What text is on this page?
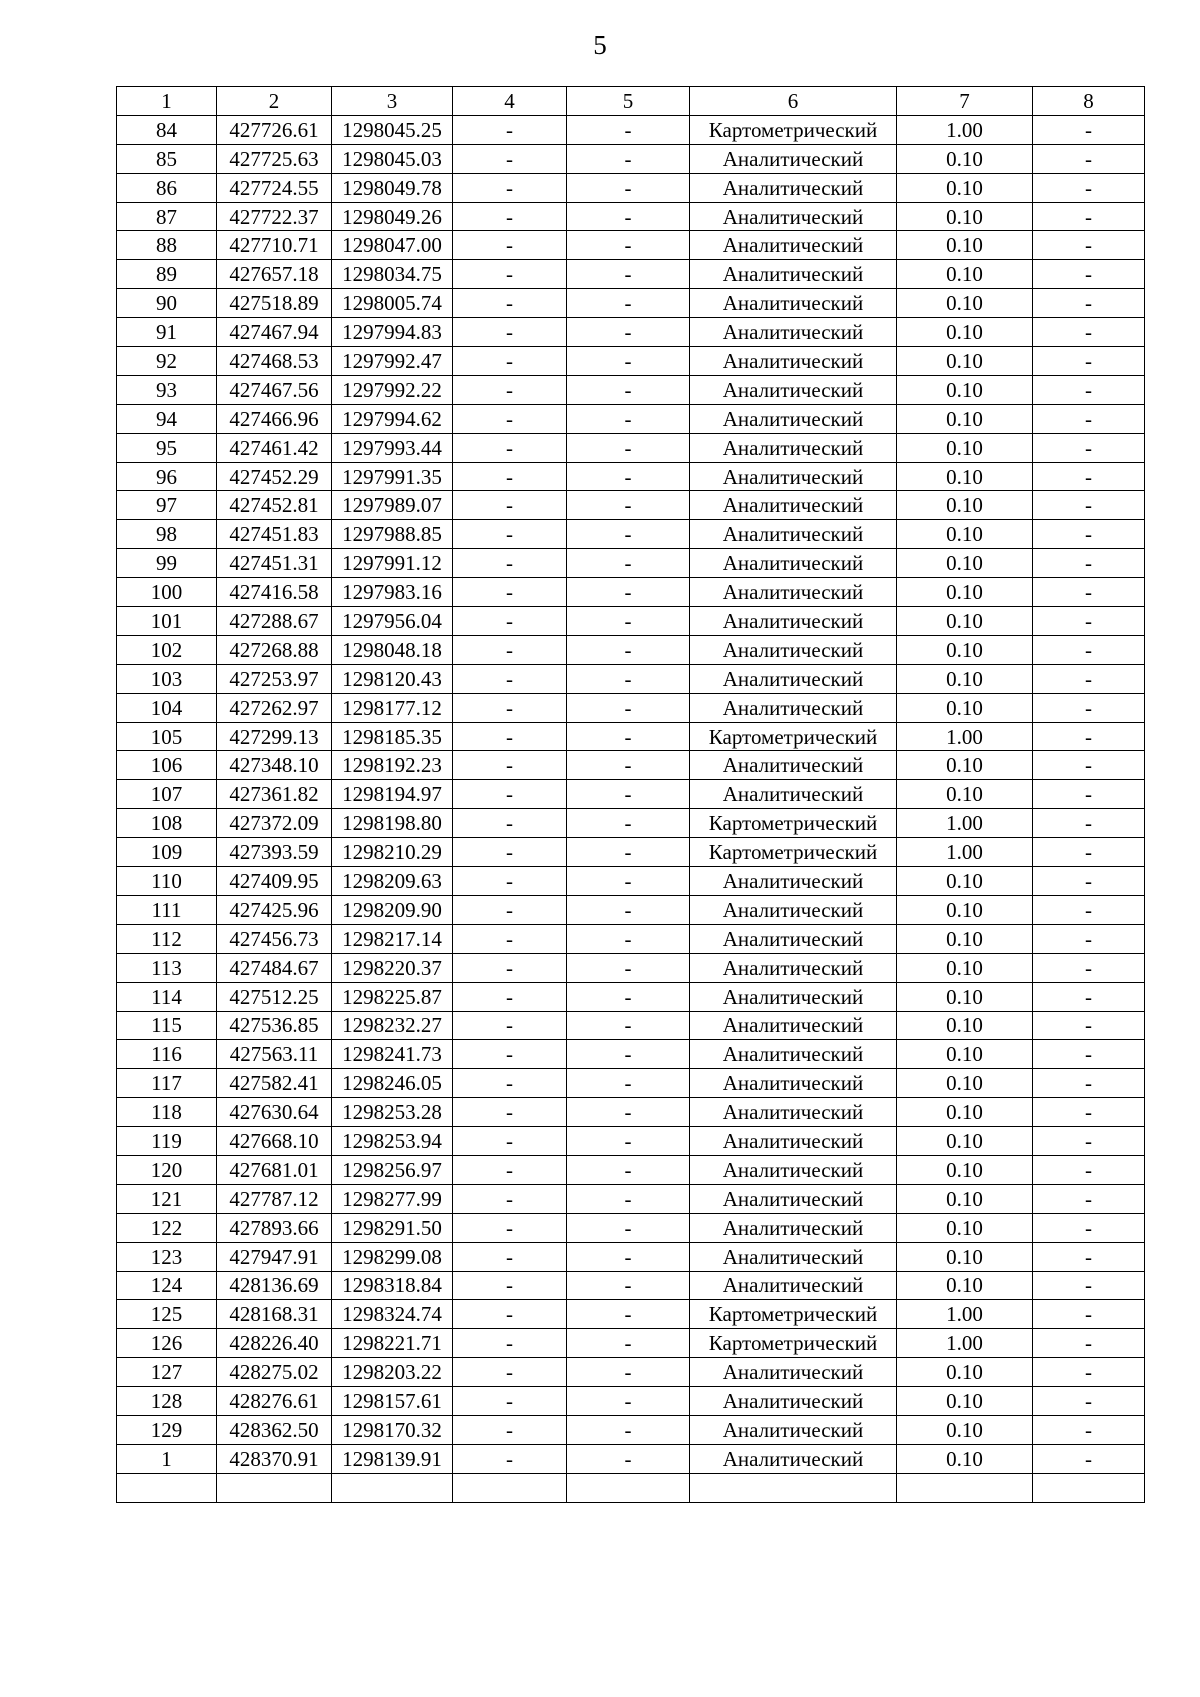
5
1	2	3	4	5	6	7	8
84	427726.61	1298045.25	-	-	Картометрический	1.00	-
85	427725.63	1298045.03	-	-	Аналитический	0.10	-
86	427724.55	1298049.78	-	-	Аналитический	0.10	-
87	427722.37	1298049.26	-	-	Аналитический	0.10	-
88	427710.71	1298047.00	-	-	Аналитический	0.10	-
89	427657.18	1298034.75	-	-	Аналитический	0.10	-
90	427518.89	1298005.74	-	-	Аналитический	0.10	-
91	427467.94	1297994.83	-	-	Аналитический	0.10	-
92	427468.53	1297992.47	-	-	Аналитический	0.10	-
93	427467.56	1297992.22	-	-	Аналитический	0.10	-
94	427466.96	1297994.62	-	-	Аналитический	0.10	-
95	427461.42	1297993.44	-	-	Аналитический	0.10	-
96	427452.29	1297991.35	-	-	Аналитический	0.10	-
97	427452.81	1297989.07	-	-	Аналитический	0.10	-
98	427451.83	1297988.85	-	-	Аналитический	0.10	-
99	427451.31	1297991.12	-	-	Аналитический	0.10	-
100	427416.58	1297983.16	-	-	Аналитический	0.10	-
101	427288.67	1297956.04	-	-	Аналитический	0.10	-
102	427268.88	1298048.18	-	-	Аналитический	0.10	-
103	427253.97	1298120.43	-	-	Аналитический	0.10	-
104	427262.97	1298177.12	-	-	Аналитический	0.10	-
105	427299.13	1298185.35	-	-	Картометрический	1.00	-
106	427348.10	1298192.23	-	-	Аналитический	0.10	-
107	427361.82	1298194.97	-	-	Аналитический	0.10	-
108	427372.09	1298198.80	-	-	Картометрический	1.00	-
109	427393.59	1298210.29	-	-	Картометрический	1.00	-
110	427409.95	1298209.63	-	-	Аналитический	0.10	-
111	427425.96	1298209.90	-	-	Аналитический	0.10	-
112	427456.73	1298217.14	-	-	Аналитический	0.10	-
113	427484.67	1298220.37	-	-	Аналитический	0.10	-
114	427512.25	1298225.87	-	-	Аналитический	0.10	-
115	427536.85	1298232.27	-	-	Аналитический	0.10	-
116	427563.11	1298241.73	-	-	Аналитический	0.10	-
117	427582.41	1298246.05	-	-	Аналитический	0.10	-
118	427630.64	1298253.28	-	-	Аналитический	0.10	-
119	427668.10	1298253.94	-	-	Аналитический	0.10	-
120	427681.01	1298256.97	-	-	Аналитический	0.10	-
121	427787.12	1298277.99	-	-	Аналитический	0.10	-
122	427893.66	1298291.50	-	-	Аналитический	0.10	-
123	427947.91	1298299.08	-	-	Аналитический	0.10	-
124	428136.69	1298318.84	-	-	Аналитический	0.10	-
125	428168.31	1298324.74	-	-	Картометрический	1.00	-
126	428226.40	1298221.71	-	-	Картометрический	1.00	-
127	428275.02	1298203.22	-	-	Аналитический	0.10	-
128	428276.61	1298157.61	-	-	Аналитический	0.10	-
129	428362.50	1298170.32	-	-	Аналитический	0.10	-
1	428370.91	1298139.91	-	-	Аналитический	0.10	-
